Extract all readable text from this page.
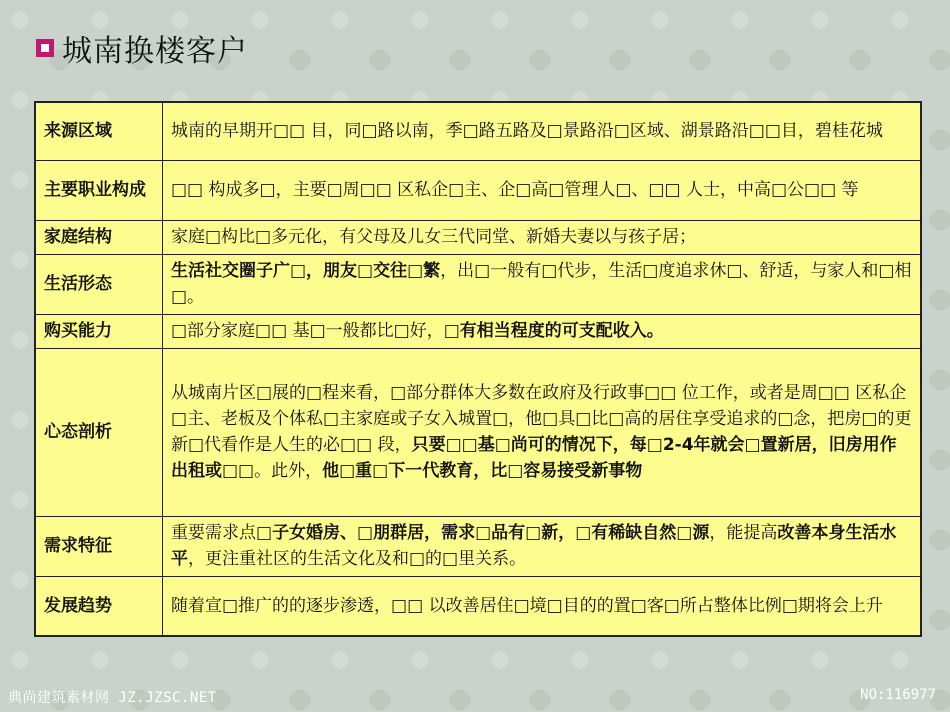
城南换楼客户
来源区域	城南的早期开□□ 目，同□路以南，季□路五路及□景路沿□区域、湖景路沿□□目，碧桂花城
主要职业构成	□□ 构成多□，主要□周□□ 区私企□主、企□高□管理人□、□□ 人士，中高□公□□ 等
家庭结构	家庭□构比□多元化，有父母及儿女三代同堂、新婚夫妻以与孩子居；
生活形态	生活社交圈子广□，朋友□交往□繁，出□一般有□代步，生活□度追求休□、舒适，与家人和□相□。
购买能力	□部分家庭□□ 基□一般都比□好，□有相当程度的可支配收入。
心态剖析	从城南片区□展的□程来看，□部分群体大多数在政府及行政事□□ 位工作，或者是周□□ 区私企□主、老板及个体私□主家庭或子女入城置□，他□具□比□高的居住享受追求的□念，把房□的更新□代看作是人生的必□□ 段，只要□□基□尚可的情况下，每□2-4年就会□置新居，旧房用作出租或□□。此外，他□重□下一代教育，比□容易接受新事物
需求特征	重要需求点□子女婚房、□朋群居，需求□品有□新，□有稀缺自然□源，能提高改善本身生活水平，更注重社区的生活文化及和□的□里关系。
发展趋势	随着宣□推广的的逐步渗透，□□ 以改善居住□境□目的的置□客□所占整体比例□期将会上升
典尚建筑素材网 JZ.JZSC.NET	NO:116977
